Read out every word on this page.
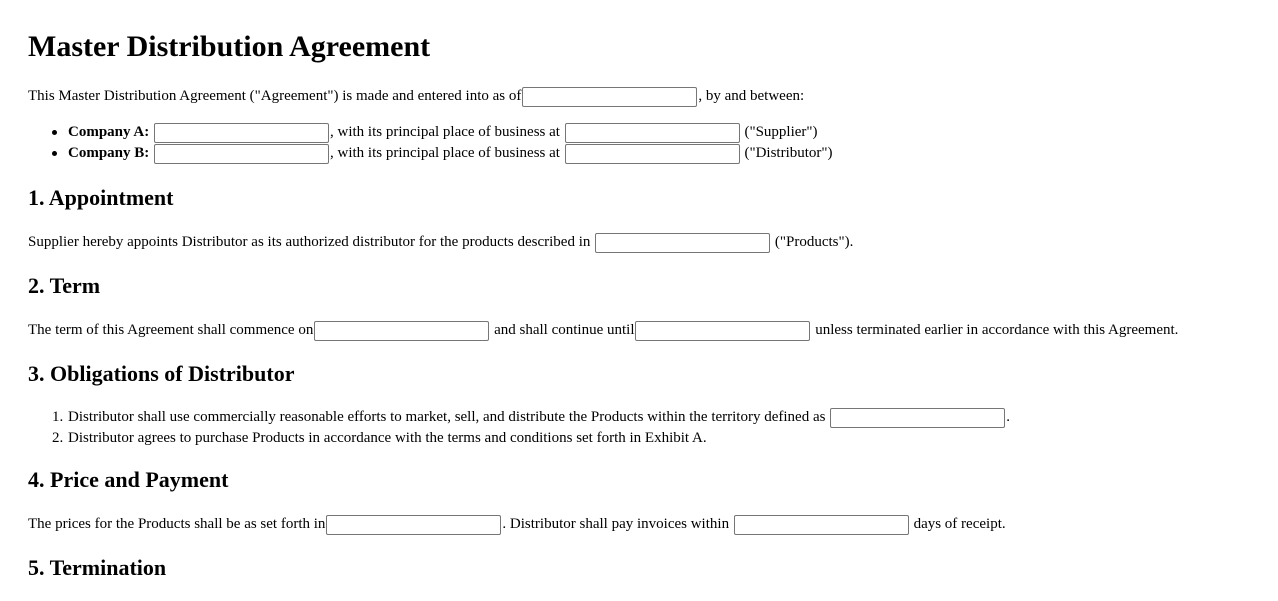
Master Distribution Agreement
This Master Distribution Agreement ("Agreement") is made and entered into as of	, by and between:
Company A:	, with its principal place of business at	("Supplier")
Company B:	, with its principal place of business at	("Distributor")
1. Appointment
Supplier hereby appoints Distributor as its authorized distributor for the products described in	("Products").
2. Term
The term of this Agreement shall commence on	and shall continue until	unless terminated earlier in accordance with this Agreement.
3. Obligations of Distributor
1. Distributor shall use commercially reasonable efforts to market, sell, and distribute the Products within the territory defined as	.
2. Distributor agrees to purchase Products in accordance with the terms and conditions set forth in Exhibit A.
4. Price and Payment
The prices for the Products shall be as set forth in	. Distributor shall pay invoices within	days of receipt.
5. Termination
